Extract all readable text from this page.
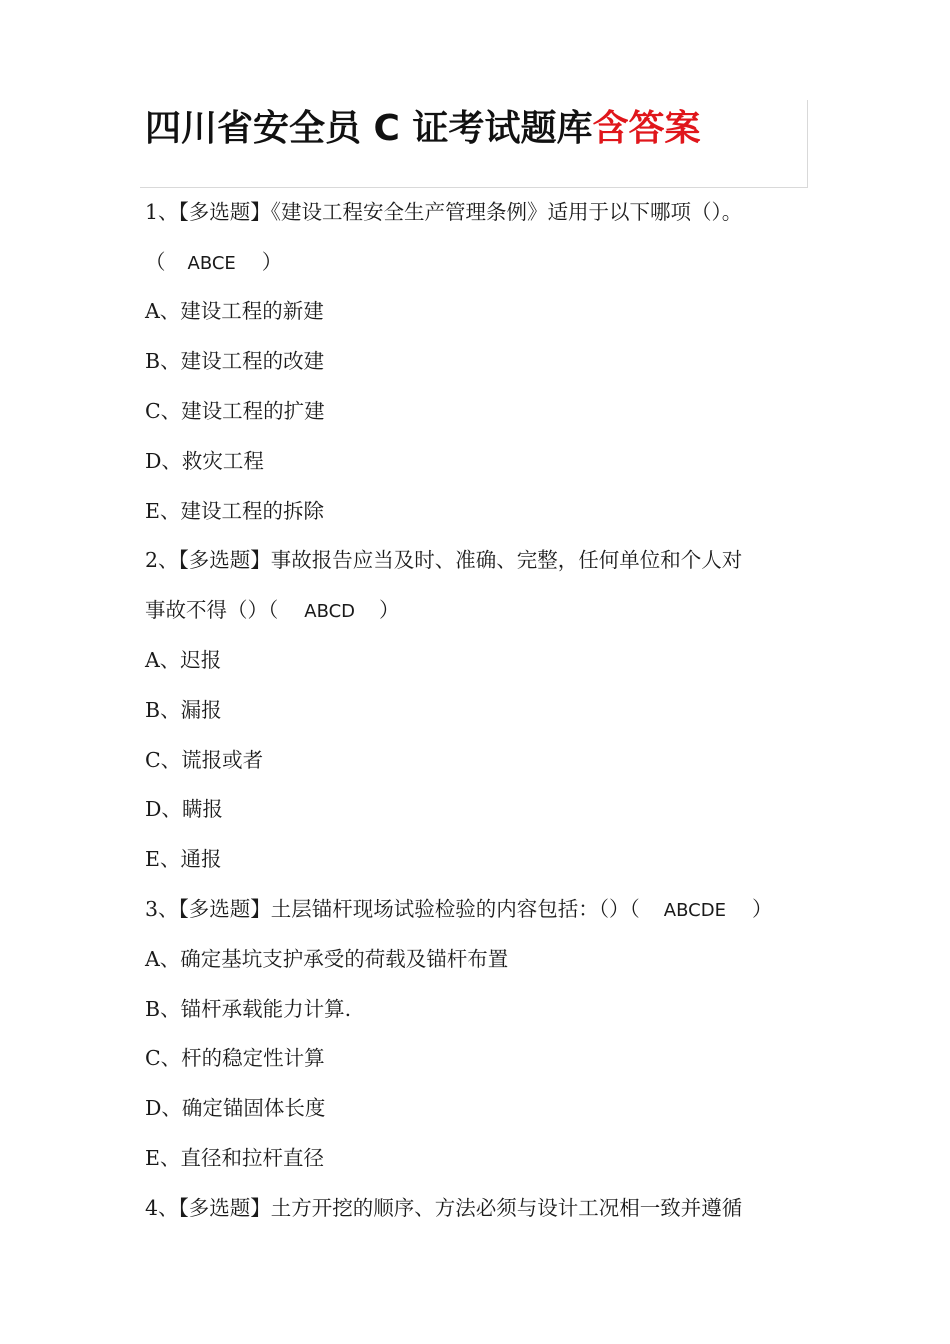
四川省安全员 C 证考试题库含答案
1、【多选题】《建设工程安全生产管理条例》适用于以下哪项（）。
（ ABCE ）
A、建设工程的新建
B、建设工程的改建
C、建设工程的扩建
D、救灾工程
E、建设工程的拆除
2、【多选题】事故报告应当及时、准确、完整，任何单位和个人对
事故不得（）（ ABCD ）
A、迟报
B、漏报
C、谎报或者
D、瞒报
E、通报
3、【多选题】土层锚杆现场试验检验的内容包括：（）（ ABCDE ）
A、确定基坑支护承受的荷载及锚杆布置
B、锚杆承载能力计算.
C、杆的稳定性计算
D、确定锚固体长度
E、直径和拉杆直径
4、【多选题】土方开挖的顺序、方法必须与设计工况相一致并遵循
